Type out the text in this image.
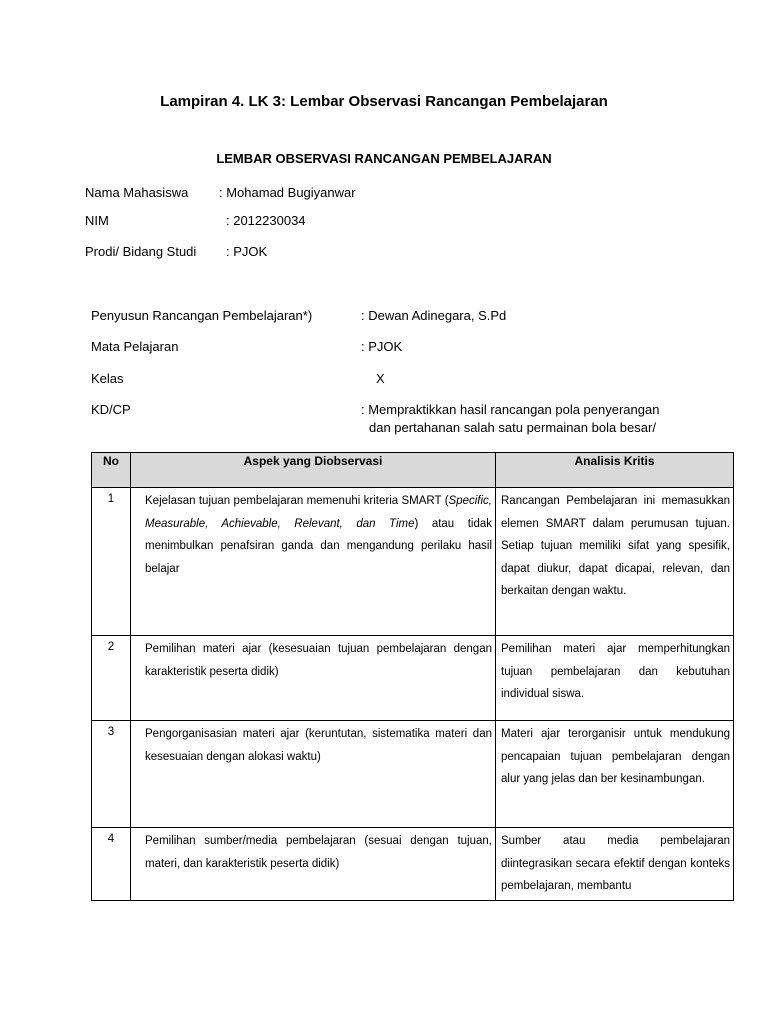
Lampiran 4. LK 3: Lembar Observasi Rancangan Pembelajaran
LEMBAR OBSERVASI RANCANGAN PEMBELAJARAN
Nama Mahasiswa : Mohamad Bugiyanwar
NIM	: 2012230034
Prodi/ Bidang Studi : PJOK
Penyusun Rancangan Pembelajaran*)	: Dewan Adinegara, S.Pd
Mata Pelajaran	: PJOK
Kelas	X
KD/CP	: Mempraktikkan hasil rancangan pola penyerangan
dan pertahanan salah satu permainan bola besar/
No	Aspek yang Diobservasi	Analisis Kritis
1	Kejelasan tujuan pembelajaran memenuhi kriteria SMART (Specific, Measurable, Achievable, Relevant, dan Time) atau tidak menimbulkan penafsiran ganda dan mengandung perilaku hasil belajar	Rancangan Pembelajaran ini memasukkan elemen SMART dalam perumusan tujuan. Setiap tujuan memiliki sifat yang spesifik, dapat diukur, dapat dicapai, relevan, dan berkaitan dengan waktu.
2	Pemilihan materi ajar (kesesuaian tujuan pembelajaran dengan karakteristik peserta didik)	Pemilihan materi ajar memperhitungkan tujuan pembelajaran dan kebutuhan individual siswa.
3	Pengorganisasian materi ajar (keruntutan, sistematika materi dan kesesuaian dengan alokasi waktu)	Materi ajar terorganisir untuk mendukung pencapaian tujuan pembelajaran dengan alur yang jelas dan ber kesinambungan.
4	Pemilihan sumber/media pembelajaran (sesuai dengan tujuan, materi, dan karakteristik peserta didik)	Sumber atau media pembelajaran diintegrasikan secara efektif dengan konteks pembelajaran, membantu
